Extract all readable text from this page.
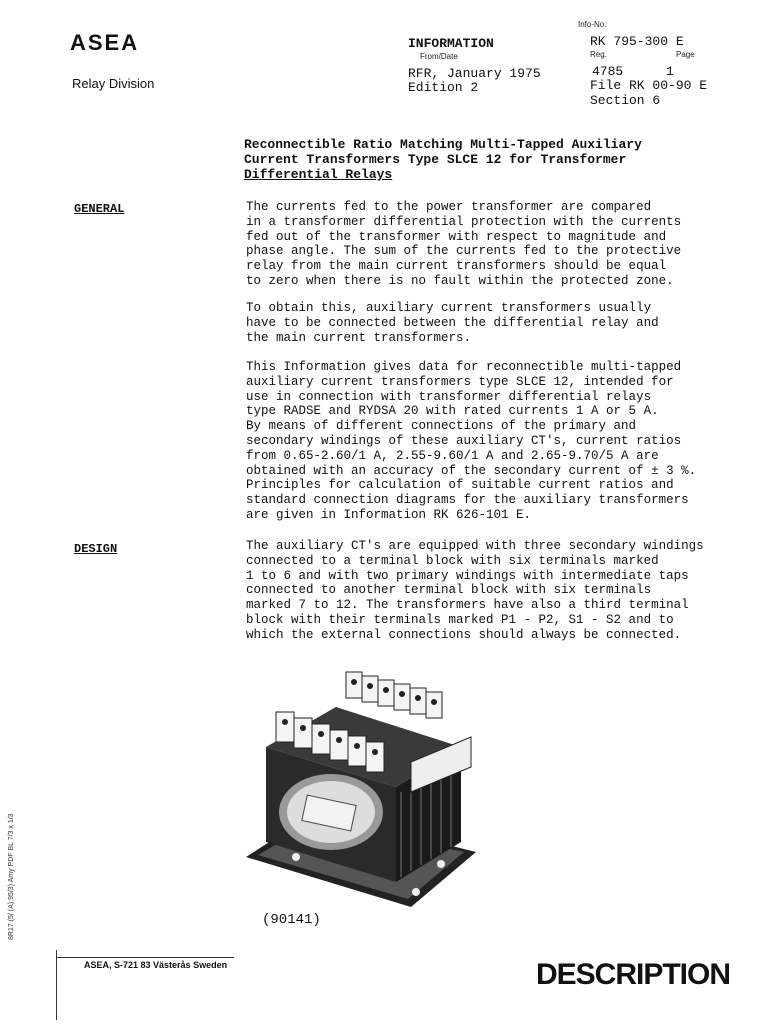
ASEA
Relay Division
Info-No.
INFORMATION	RK 795-300 E
From/Date	Reg.	Page
RFR, January 1975	4785	1
Edition 2	File RK 00-90 E
Section 6
Reconnectible Ratio Matching Multi-Tapped Auxiliary
Current Transformers Type SLCE 12 for Transformer
Differential Relays
GENERAL	The currents fed to the power transformer are compared
in a transformer differential protection with the currents
fed out of the transformer with respect to magnitude and
phase angle. The sum of the currents fed to the protective
relay from the main current transformers should be equal
to zero when there is no fault within the protected zone.

To obtain this, auxiliary current transformers usually
have to be connected between the differential relay and
the main current transformers.

This Information gives data for reconnectible multi-tapped
auxiliary current transformers type SLCE 12, intended for
use in connection with transformer differential relays
type RADSE and RYDSA 20 with rated currents 1 A or 5 A.
By means of different connections of the primary and
secondary windings of these auxiliary CT's, current ratios
from 0.65-2.60/1 A, 2.55-9.60/1 A and 2.65-9.70/5 A are
obtained with an accuracy of the secondary current of ± 3 %.
Principles for calculation of suitable current ratios and
standard connection diagrams for the auxiliary transformers
are given in Information RK 626-101 E.

DESIGN	The auxiliary CT's are equipped with three secondary windings
connected to a terminal block with six terminals marked
1 to 6 and with two primary windings with intermediate taps
connected to another terminal block with six terminals
marked 7 to 12. The transformers have also a third terminal
block with their terminals marked P1 - P2, S1 - S2 and to
which the external connections should always be connected.

(90141)
8R17 (5/ (A) 95/3) Amy PDF BL 7/3 x 1/3
ASEA, S-721 83 Västerås Sweden	DESCRIPTION
